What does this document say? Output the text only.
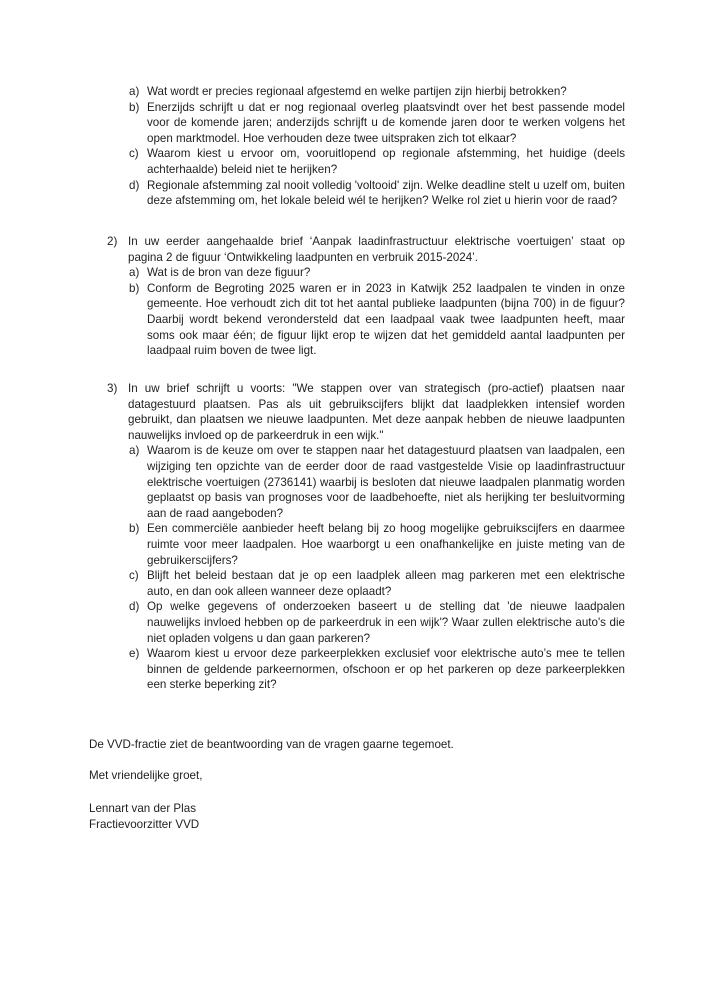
a) Wat wordt er precies regionaal afgestemd en welke partijen zijn hierbij betrokken?
b) Enerzijds schrijft u dat er nog regionaal overleg plaatsvindt over het best passende model voor de komende jaren; anderzijds schrijft u de komende jaren door te werken volgens het open marktmodel. Hoe verhouden deze twee uitspraken zich tot elkaar?
c) Waarom kiest u ervoor om, vooruitlopend op regionale afstemming, het huidige (deels achterhaalde) beleid niet te herijken?
d) Regionale afstemming zal nooit volledig 'voltooid' zijn. Welke deadline stelt u uzelf om, buiten deze afstemming om, het lokale beleid wél te herijken? Welke rol ziet u hierin voor de raad?
2) In uw eerder aangehaalde brief ‘Aanpak laadinfrastructuur elektrische voertuigen’ staat op pagina 2 de figuur ‘Ontwikkeling laadpunten en verbruik 2015-2024’.
a) Wat is de bron van deze figuur?
b) Conform de Begroting 2025 waren er in 2023 in Katwijk 252 laadpalen te vinden in onze gemeente. Hoe verhoudt zich dit tot het aantal publieke laadpunten (bijna 700) in de figuur? Daarbij wordt bekend verondersteld dat een laadpaal vaak twee laadpunten heeft, maar soms ook maar één; de figuur lijkt erop te wijzen dat het gemiddeld aantal laadpunten per laadpaal ruim boven de twee ligt.
3) In uw brief schrijft u voorts: "We stappen over van strategisch (pro-actief) plaatsen naar datagestuurd plaatsen. Pas als uit gebruikscijfers blijkt dat laadplekken intensief worden gebruikt, dan plaatsen we nieuwe laadpunten. Met deze aanpak hebben de nieuwe laadpunten nauwelijks invloed op de parkeerdruk in een wijk."
a) Waarom is de keuze om over te stappen naar het datagestuurd plaatsen van laadpalen, een wijziging ten opzichte van de eerder door de raad vastgestelde Visie op laadinfrastructuur elektrische voertuigen (2736141) waarbij is besloten dat nieuwe laadpalen planmatig worden geplaatst op basis van prognoses voor de laadbehoefte, niet als herijking ter besluitvorming aan de raad aangeboden?
b) Een commerciële aanbieder heeft belang bij zo hoog mogelijke gebruikscijfers en daarmee ruimte voor meer laadpalen. Hoe waarborgt u een onafhankelijke en juiste meting van de gebruikerscijfers?
c) Blijft het beleid bestaan dat je op een laadplek alleen mag parkeren met een elektrische auto, en dan ook alleen wanneer deze oplaadt?
d) Op welke gegevens of onderzoeken baseert u de stelling dat 'de nieuwe laadpalen nauwelijks invloed hebben op de parkeerdruk in een wijk'? Waar zullen elektrische auto's die niet opladen volgens u dan gaan parkeren?
e) Waarom kiest u ervoor deze parkeerplekken exclusief voor elektrische auto’s mee te tellen binnen de geldende parkeernormen, ofschoon er op het parkeren op deze parkeerplekken een sterke beperking zit?
De VVD-fractie ziet de beantwoording van de vragen gaarne tegemoet.
Met vriendelijke groet,
Lennart van der Plas
Fractievoorzitter VVD
